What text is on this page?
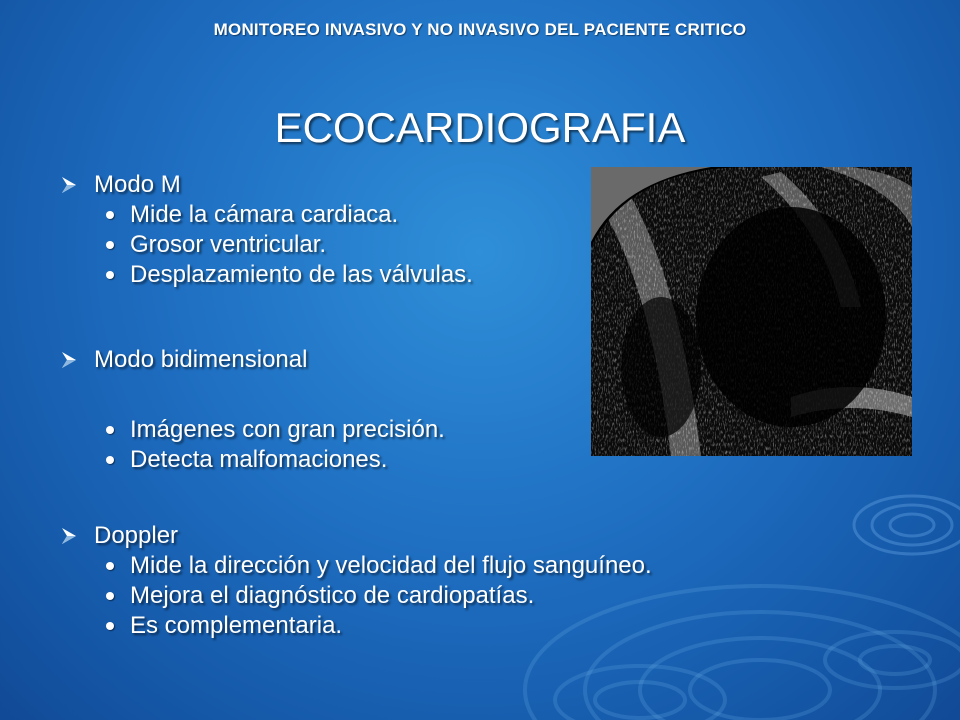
MONITOREO INVASIVO Y NO INVASIVO DEL PACIENTE CRITICO
ECOCARDIOGRAFIA
Modo M
Mide la cámara cardiaca.
Grosor ventricular.
Desplazamiento de las válvulas.
Modo bidimensional
Imágenes con gran precisión.
Detecta malfomaciones.
Doppler
Mide la dirección y velocidad del flujo sanguíneo.
Mejora el diagnóstico de cardiopatías.
Es complementaria.
